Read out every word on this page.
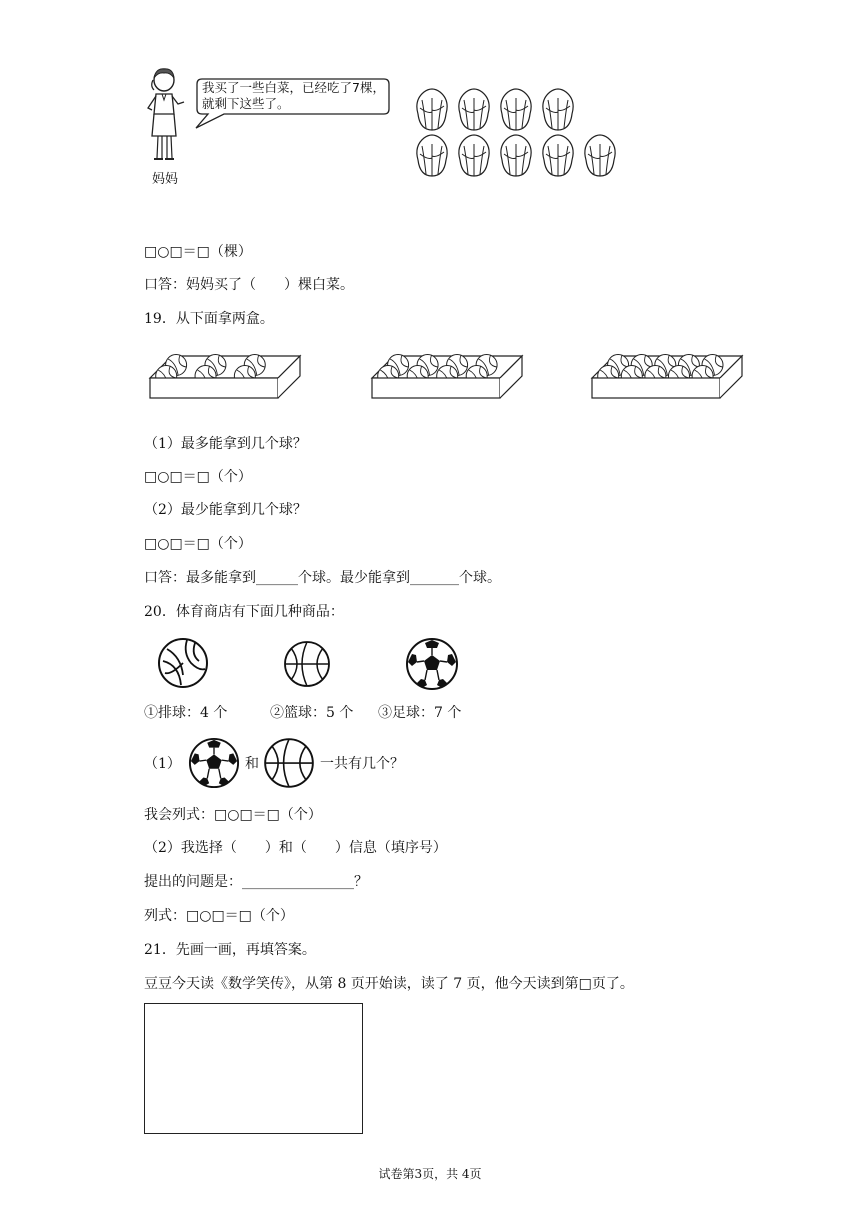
妈妈
我买了一些白菜，已经吃了7棵，
就剩下这些了。
□○□＝□（棵）
口答：妈妈买了（　　）棵白菜。
19．从下面拿两盒。
（1）最多能拿到几个球？
□○□＝□（个）
（2）最少能拿到几个球？
□○□＝□（个）
口答：最多能拿到______个球。最少能拿到_______个球。
20．体育商店有下面几种商品：
①排球：4 个	②篮球：5 个 ③足球：7 个
（1）	和	一共有几个？
我会列式：□○□＝□（个）
（2）我选择（　　）和（　　）信息（填序号）
提出的问题是：________________？
列式：□○□＝□（个）
21．先画一画，再填答案。
豆豆今天读《数学笑传》，从第 8 页开始读，读了 7 页，他今天读到第□页了。
试卷第3页，共 4页
